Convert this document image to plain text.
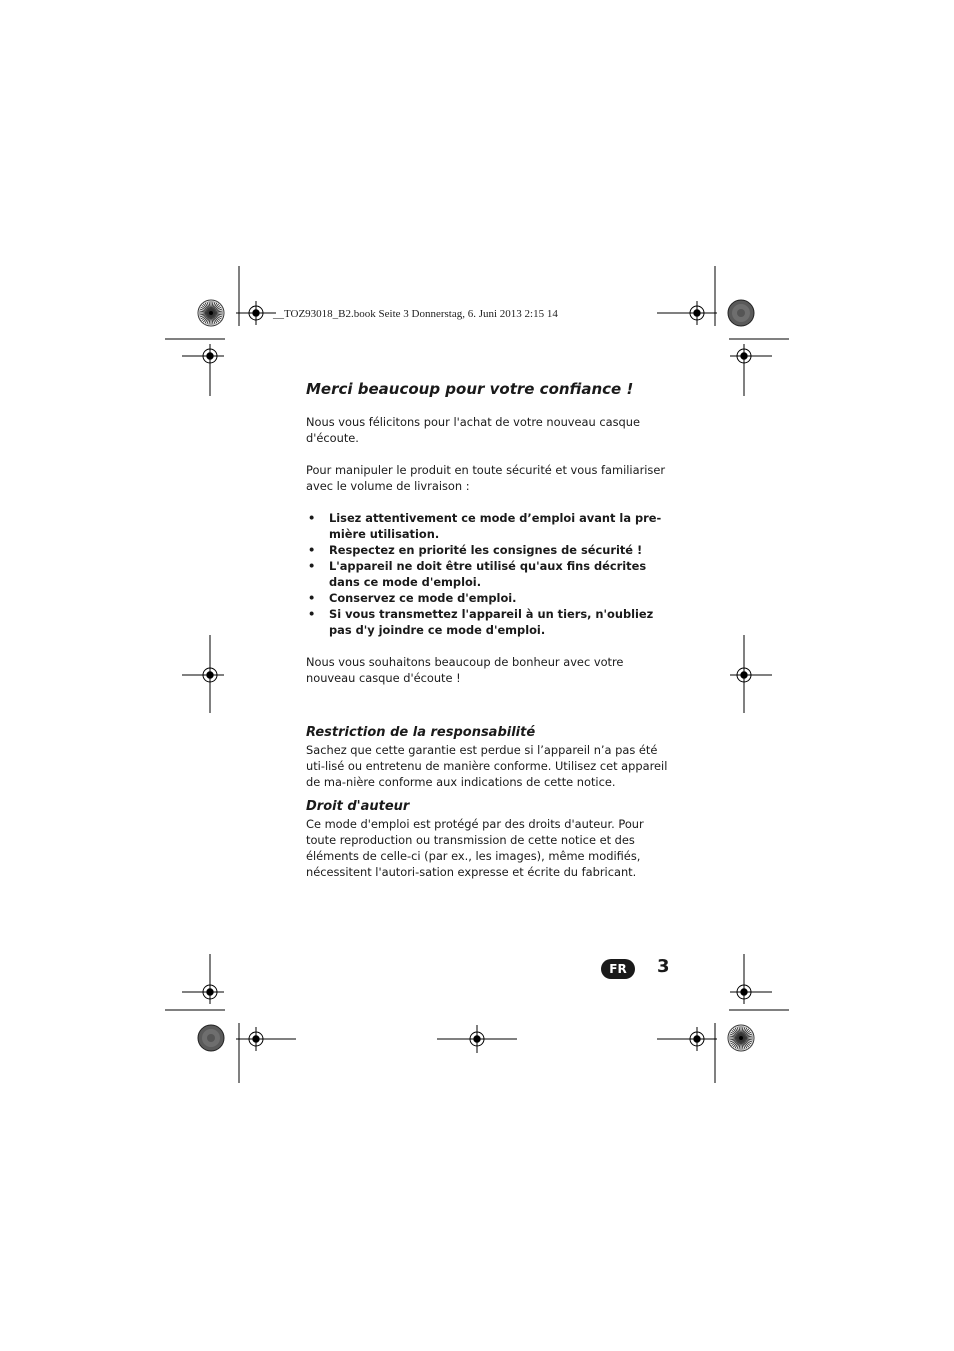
__TOZ93018_B2.book Seite 3 Donnerstag, 6. Juni 2013 2:15 14
Merci beaucoup pour votre confiance !

Nous vous félicitons pour l'achat de votre nouveau casque d'écoute.

Pour manipuler le produit en toute sécurité et vous familiariser avec le volume de livraison :

• Lisez attentivement ce mode d’emploi avant la pre-mière utilisation.
• Respectez en priorité les consignes de sécurité !
• L'appareil ne doit être utilisé qu'aux fins décrites dans ce mode d'emploi.
• Conservez ce mode d'emploi.
• Si vous transmettez l'appareil à un tiers, n'oubliez pas d'y joindre ce mode d'emploi.

Nous vous souhaitons beaucoup de bonheur avec votre nouveau casque d'écoute !

Restriction de la responsabilité

Sachez que cette garantie est perdue si l’appareil n’a pas été uti-lisé ou entretenu de manière conforme. Utilisez cet appareil de ma-nière conforme aux indications de cette notice.

Droit d'auteur

Ce mode d'emploi est protégé par des droits d'auteur. Pour toute reproduction ou transmission de cette notice et des éléments de celle-ci (par ex., les images), même modifiés, nécessitent l'autori-sation expresse et écrite du fabricant.

FR	3
